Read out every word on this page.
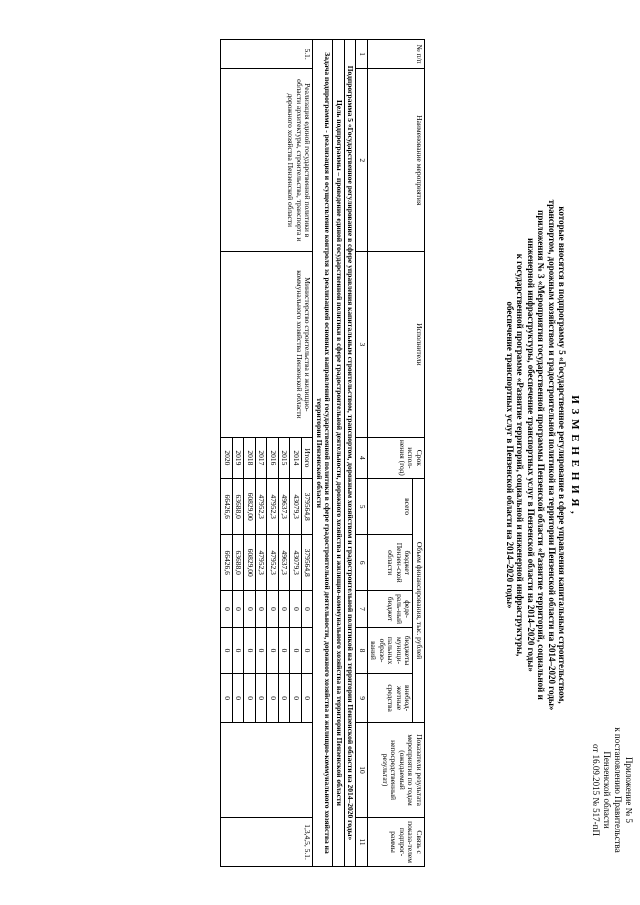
Приложение № 5
к постановлению Правительства
Пензенской области
от 16.09.2015 № 517-пП
И З М Е Н Е Н И Я ,
которые вносятся в подпрограмму 5 «Государственное регулирование в сфере управления капитальным строительством,
транспортом, дорожным хозяйством и градостроительной политикой на территории Пензенской области на 2014–2020 годы»
приложения № 3 «Мероприятия государственной программы Пензенской области «Развитие территорий, социальной и
инженерной инфраструктуры, обеспечение транспортных услуг в Пензенской области на 2014–2020 годы»
к государственной программе «Развитие территорий, социальной и инженерной инфраструктуры,
обеспечение транспортных услуг в Пензенской области на 2014–2020 годы»
№ п/п	Наименование мероприятия	Исполнители	Срок испол-нения (год)	Объем финансирования, тыс. рублей					Показатели результата мероприятия по годам (ожидаемый непосредственный результат)	Связь с показа-телем подпрог-раммы
				всего	бюджет Пензен-ской области	феде-раль-ный бюджет	бюджеты муници-пальных образо-ваний	внебюд-жетные средства		
1	2	3	4	5	6	7	8	9	10	11
Подпрограмма 5 «Государственное регулирование в сфере управления капитальным строительством, транспортом, дорожным хозяйством и градостроительной политикой на территории Пензенской области на 2014–2020 годы»										
Цель подпрограммы – проведение единой государственной политики в сфере градостроительной деятельности, дорожного хозяйства и жилищно-коммунального хозяйства на территории Пензенской области										
Задача подпрограммы - реализация и осуществление контроля за реализацией основных направлений государственной политики в сфере градостроительной деятельности, дорожного хозяйства и жилищно-коммунального хозяйства на территории Пензенской области										
5.1.	Реализация единой государственной политики в области архитектуры, строительства, транспорта и дорожного хозяйства Пензенской области	Министерство строительства и жилищно-коммунального хозяйства Пензенской области	Итого	379564,8	379564,8	0	0	0		1,3,4,5, 5.1.
			2014	43079,3	43079,3	0	0	0		
			2015	49637,3	49637,3	0	0	0		
			2016	47952,3	47952,3	0	0	0		
			2017	47952,3	47952,3	0	0	0		
			2018	60829,00	60829,00	0	0	0		
			2019	63688,0	63688,0	0	0	0		
			2020	66426,6	66426,6	0	0	0		
